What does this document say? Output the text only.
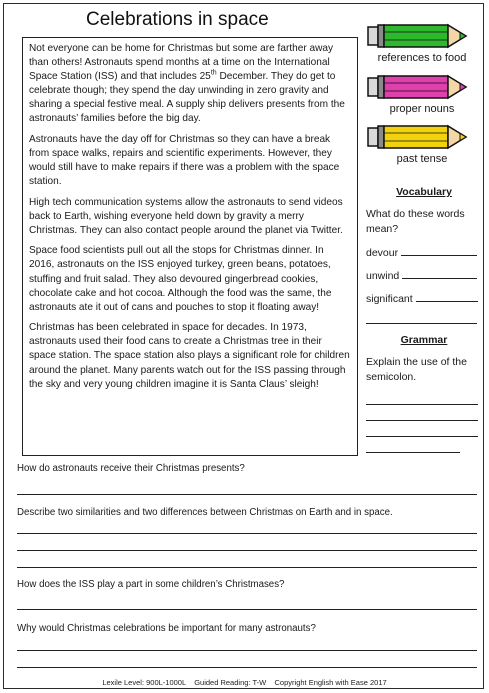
Celebrations in space

Not everyone can be home for Christmas but some are farther away than others! Astronauts spend months at a time on the International Space Station (ISS) and that includes 25th December. They do get to celebrate though; they spend the day unwinding in zero gravity and sharing a special festive meal. A supply ship delivers presents from the astronauts’ families before the big day.

Astronauts have the day off for Christmas so they can have a break from space walks, repairs and scientific experiments. However, they would still have to make repairs if there was a problem with the space station.

High tech communication systems allow the astronauts to send videos back to Earth, wishing everyone held down by gravity a merry Christmas. They can also contact people around the planet via Twitter.

Space food scientists pull out all the stops for Christmas dinner. In 2016, astronauts on the ISS enjoyed turkey, green beans, potatoes, stuffing and fruit salad. They also devoured gingerbread cookies, chocolate cake and hot cocoa. Although the food was the same, the astronauts ate it out of cans and pouches to stop it floating away!

Christmas has been celebrated in space for decades. In 1973, astronauts used their food cans to create a Christmas tree in their space station. The space station also plays a significant role for children around the planet. Many parents watch out for the ISS passing through the sky and very young children imagine it is Santa Claus’ sleigh!

references to food
proper nouns
past tense
Vocabulary
What do these words mean?
devour
unwind
significant
Grammar
Explain the use of the semicolon.
How do astronauts receive their Christmas presents?
Describe two similarities and two differences between Christmas on Earth and in space.
How does the ISS play a part in some children’s Christmases?
Why would Christmas celebrations be important for many astronauts?
Lexile Level: 900L-1000L    Guided Reading: T-W    Copyright English with Ease 2017
